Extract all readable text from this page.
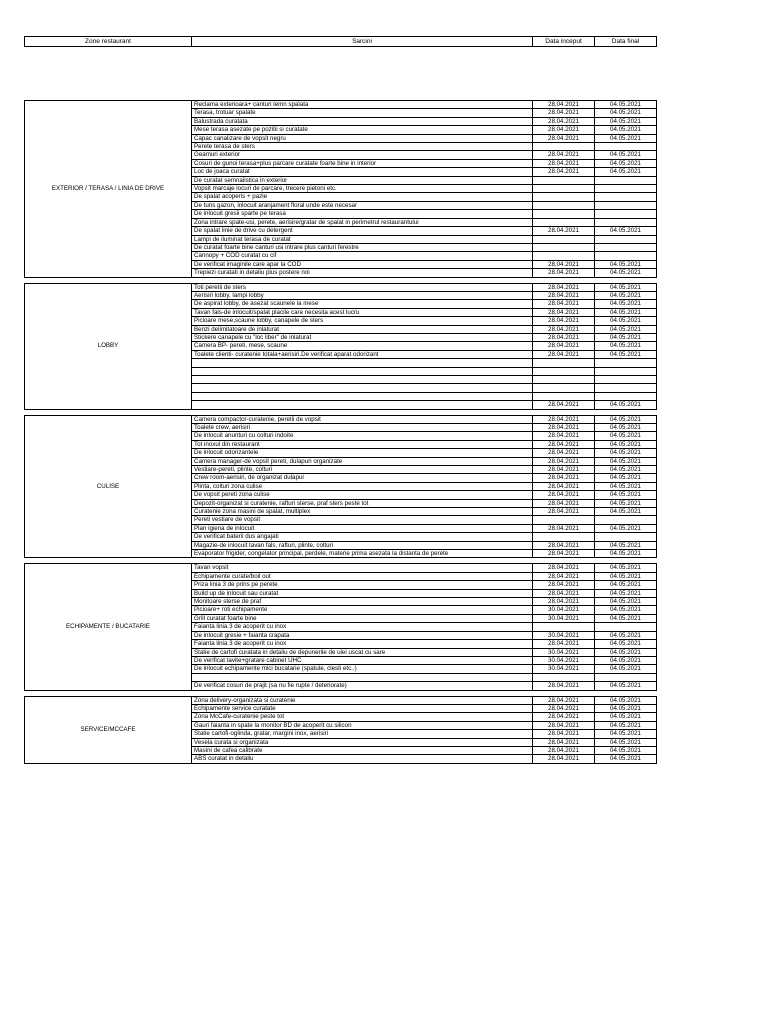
Zone restaurant	Sarcini	Data inceput	Data final
EXTERIOR / TERASA / LINIA DE DRIVE	Reclama exterioara+ canturi lemn spalata	28.04.2021	04.05.2021
	Terasa, trotuar spalate	28.04.2021	04.05.2021
	Balustrada curatata	28.04.2021	04.05.2021
	Mese terasa asezate pe pozitii si curatate	28.04.2021	04.05.2021
	Capac canalizare de vopsit negru	28.04.2021	04.05.2021
	Perete terasa de sters		
	Geamuri exterior	28.04.2021	04.05.2021
	Cosuri de gunoi terasa+plus parcare curatate foarte bine in interior	28.04.2021	04.05.2021
	Loc de joaca curatat	28.04.2021	04.05.2021
	De curatat semnalistica in exterior		
	Vopsit marcaje locuri de parcare, trecere pietoni etc.		
	De spalat acoperis + pazie		
	De tuns gazon, inlocuit aranjament floral unde este necesar		
	De inlocuit gresii sparte pe terasa		
	Zona intrare spate-usi, perete, aerisire/gratar de spalat in perimetrul restaurantului		
	De spalat linie de drive cu detergent	28.04.2021	04.05.2021
	Lampi de iluminat terasa de curatat		
	De curatat foarte bine canturi usi intrare plus canturi ferestre		
	Cannopy + COD curatat cu cif		
	De verificat imaginile care apar la COD	28.04.2021	04.05.2021
	Trepiezi curatati in detaliu plus postere noi	28.04.2021	04.05.2021

LOBBY	Toti peretii de sters	28.04.2021	04.05.2021
	Aerisiri lobby, lampi lobby	28.04.2021	04.05.2021
	De aspirat lobby, de asezat scaunele la mese	28.04.2021	04.05.2021
	Tavan fals-de inlocuit/spalat placile care necesita acest lucru	28.04.2021	04.05.2021
	Picioare mese,scaune lobby, canapele de sters	28.04.2021	04.05.2021
	Benzi delimitatoare de inlaturat	28.04.2021	04.05.2021
	Stickere canapele cu "loc liber" de inlaturat	28.04.2021	04.05.2021
	Camera BP- pereti, mese, scaune	28.04.2021	04.05.2021
	Toalete clienti- curatenie totala+aerisiri.De verificat aparat odorizant	28.04.2021	04.05.2021

		28.04.2021	04.05.2021

CULISE	Camera compactor-curatenie, peretii de vopsit	28.04.2021	04.05.2021
	Toalete crew, aerisiri	28.04.2021	04.05.2021
	De inlocuit anunturi cu colturi indoite	28.04.2021	04.05.2021
	Tot inoxul din restaurant	28.04.2021	04.05.2021
	De inlocuit odorizantele	28.04.2021	04.05.2021
	Camera manager-de vopsit pereti, dulapuri organizate	28.04.2021	04.05.2021
	Vestiare-pereti, plinte, colturi	28.04.2021	04.05.2021
	Crew room-aerisiri, de organizat dulapul	28.04.2021	04.05.2021
	Plinta, colturi zona culise	28.04.2021	04.05.2021
	De vopsit pereti zona culise	28.04.2021	04.05.2021
	Depozit-organizat si curatenie, rafturi sterse, praf sters peste tot	28.04.2021	04.05.2021
	Curatenie zona masini de spalat, multiplex	28.04.2021	04.05.2021
	Pereti vestiare de vopsit		
	Plan igiena de inlocuit	28.04.2021	04.05.2021
	De verificat baterii dus angajati		
	Magazie-de inlocuit tavan fals, rafturi, plinte, colturi	28.04.2021	04.05.2021
	Evaporator frigider, congelator principal, perdele, materie prima asezata la distanta de perete	28.04.2021	04.05.2021

ECHIPAMENTE / BUCATARIE	Tavan vopsit	28.04.2021	04.05.2021
	Echipamente curate/boil out	28.04.2021	04.05.2021
	Priza linia 3 de prins pe perete	28.04.2021	04.05.2021
	Build up de inlocuit sau curatat	28.04.2021	04.05.2021
	Monitoare sterse de praf	28.04.2021	04.05.2021
	Picioare+ roti echipamente	30.04.2021	04.05.2021
	Grill curatat foarte bine	30.04.2021	04.05.2021
	Faianta linia 3 de acoperit cu inox		
	De inlocuit gresie + faianta crapata	30.04.2021	04.05.2021
	Faianta linia 3 de acoperit cu inox	28.04.2021	04.05.2021
	Statie de cartofi curatata in detaliu de depunerile de ulei uscat cu sare	30.04.2021	04.05.2021
	De verificat tavite+gratare cabinet UHC	30.04.2021	04.05.2021
	De inlocuit echipamente mici bucatarie (spatule, clesti etc..)	30.04.2021	04.05.2021

	De verificat cosuri de prajit (sa nu fie rupte / deteriorate)	28.04.2021	04.05.2021

SERVICE/MCCAFE	Zona delivery-organizata si curatenie	28.04.2021	04.05.2021
	Echipamente service curatate	28.04.2021	04.05.2021
	Zona McCafe-curatenie peste tot	28.04.2021	04.05.2021
	Gauri faianta in spate la monitor BD de acoperit cu silicon	28.04.2021	04.05.2021
	Statie cartofi-oglinda, gratar, margini inox, aerisiri	28.04.2021	04.05.2021
	Vesela curata si organizata	28.04.2021	04.05.2021
	Masini de cafea calibrate	28.04.2021	04.05.2021
	ABS curatat in detaliu	28.04.2021	04.05.2021
